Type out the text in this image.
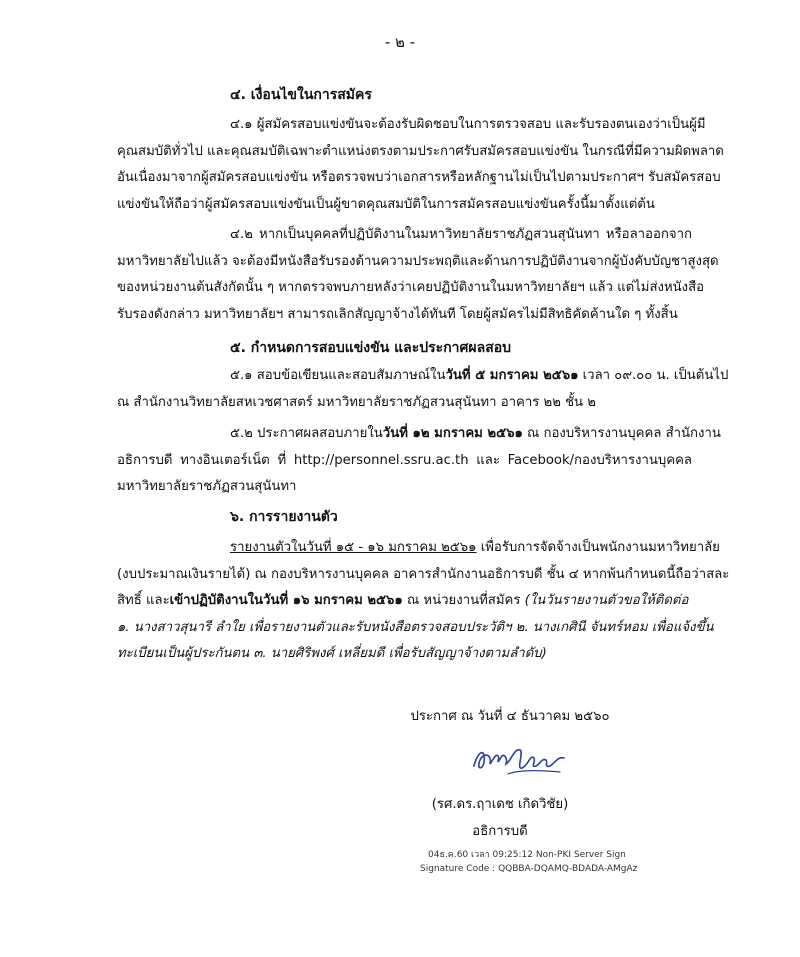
- ๒ -
๔. เงื่อนไขในการสมัคร
๔.๑ ผู้สมัครสอบแข่งขันจะต้องรับผิดชอบในการตรวจสอบ และรับรองตนเองว่าเป็นผู้มี
คุณสมบัติทั่วไป และคุณสมบัติเฉพาะตำแหน่งตรงตามประกาศรับสมัครสอบแข่งขัน ในกรณีที่มีความผิดพลาด
อันเนื่องมาจากผู้สมัครสอบแข่งขัน หรือตรวจพบว่าเอกสารหรือหลักฐานไม่เป็นไปตามประกาศฯ รับสมัครสอบ
แข่งขันให้ถือว่าผู้สมัครสอบแข่งขันเป็นผู้ขาดคุณสมบัติในการสมัครสอบแข่งขันครั้งนี้มาตั้งแต่ต้น
๔.๒ หากเป็นบุคคลที่ปฏิบัติงานในมหาวิทยาลัยราชภัฏสวนสุนันทา หรือลาออกจาก
มหาวิทยาลัยไปแล้ว จะต้องมีหนังสือรับรองด้านความประพฤติและด้านการปฏิบัติงานจากผู้บังคับบัญชาสูงสุด
ของหน่วยงานต้นสังกัดนั้น ๆ หากตรวจพบภายหลังว่าเคยปฏิบัติงานในมหาวิทยาลัยฯ แล้ว แต่ไม่ส่งหนังสือ
รับรองดังกล่าว มหาวิทยาลัยฯ สามารถเลิกสัญญาจ้างได้ทันที โดยผู้สมัครไม่มีสิทธิคัดค้านใด ๆ ทั้งสิ้น
๕. กำหนดการสอบแข่งขัน และประกาศผลสอบ
๕.๑ สอบข้อเขียนและสอบสัมภาษณ์ในวันที่ ๕ มกราคม ๒๕๖๑ เวลา ๐๙.๐๐ น. เป็นต้นไป
ณ สำนักงานวิทยาลัยสหเวชศาสตร์ มหาวิทยาลัยราชภัฏสวนสุนันทา อาคาร ๒๒ ชั้น ๒
๕.๒ ประกาศผลสอบภายในวันที่ ๑๒ มกราคม ๒๕๖๑ ณ กองบริหารงานบุคคล สำนักงาน
อธิการบดี ทางอินเตอร์เน็ต ที่ http://personnel.ssru.ac.th และ Facebook/กองบริหารงานบุคคล
มหาวิทยาลัยราชภัฏสวนสุนันทา
๖. การรายงานตัว
รายงานตัวในวันที่ ๑๕ - ๑๖ มกราคม ๒๕๖๑ เพื่อรับการจัดจ้างเป็นพนักงานมหาวิทยาลัย
(งบประมาณเงินรายได้) ณ กองบริหารงานบุคคล อาคารสำนักงานอธิการบดี ชั้น ๔ หากพ้นกำหนดนี้ถือว่าสละ
สิทธิ์ และเข้าปฏิบัติงานในวันที่ ๑๖ มกราคม ๒๕๖๑ ณ หน่วยงานที่สมัคร (ในวันรายงานตัวขอให้ติดต่อ
๑. นางสาวสุนารี ลำใย เพื่อรายงานตัวและรับหนังสือตรวจสอบประวัติฯ ๒. นางเกศินี จันทร์หอม เพื่อแจ้งขึ้น
ทะเบียนเป็นผู้ประกันตน ๓. นายศิริพงศ์ เหลี่ยมดี เพื่อรับสัญญาจ้างตามลำดับ)
ประกาศ ณ วันที่ ๔ ธันวาคม ๒๕๖๐
(รศ.ดร.ฤาเดช เกิดวิชัย)
อธิการบดี
04ธ.ค.60 เวลา 09:25:12 Non-PKI Server Sign
Signature Code : QQBBA-DQAMQ-BDADA-AMgAz
